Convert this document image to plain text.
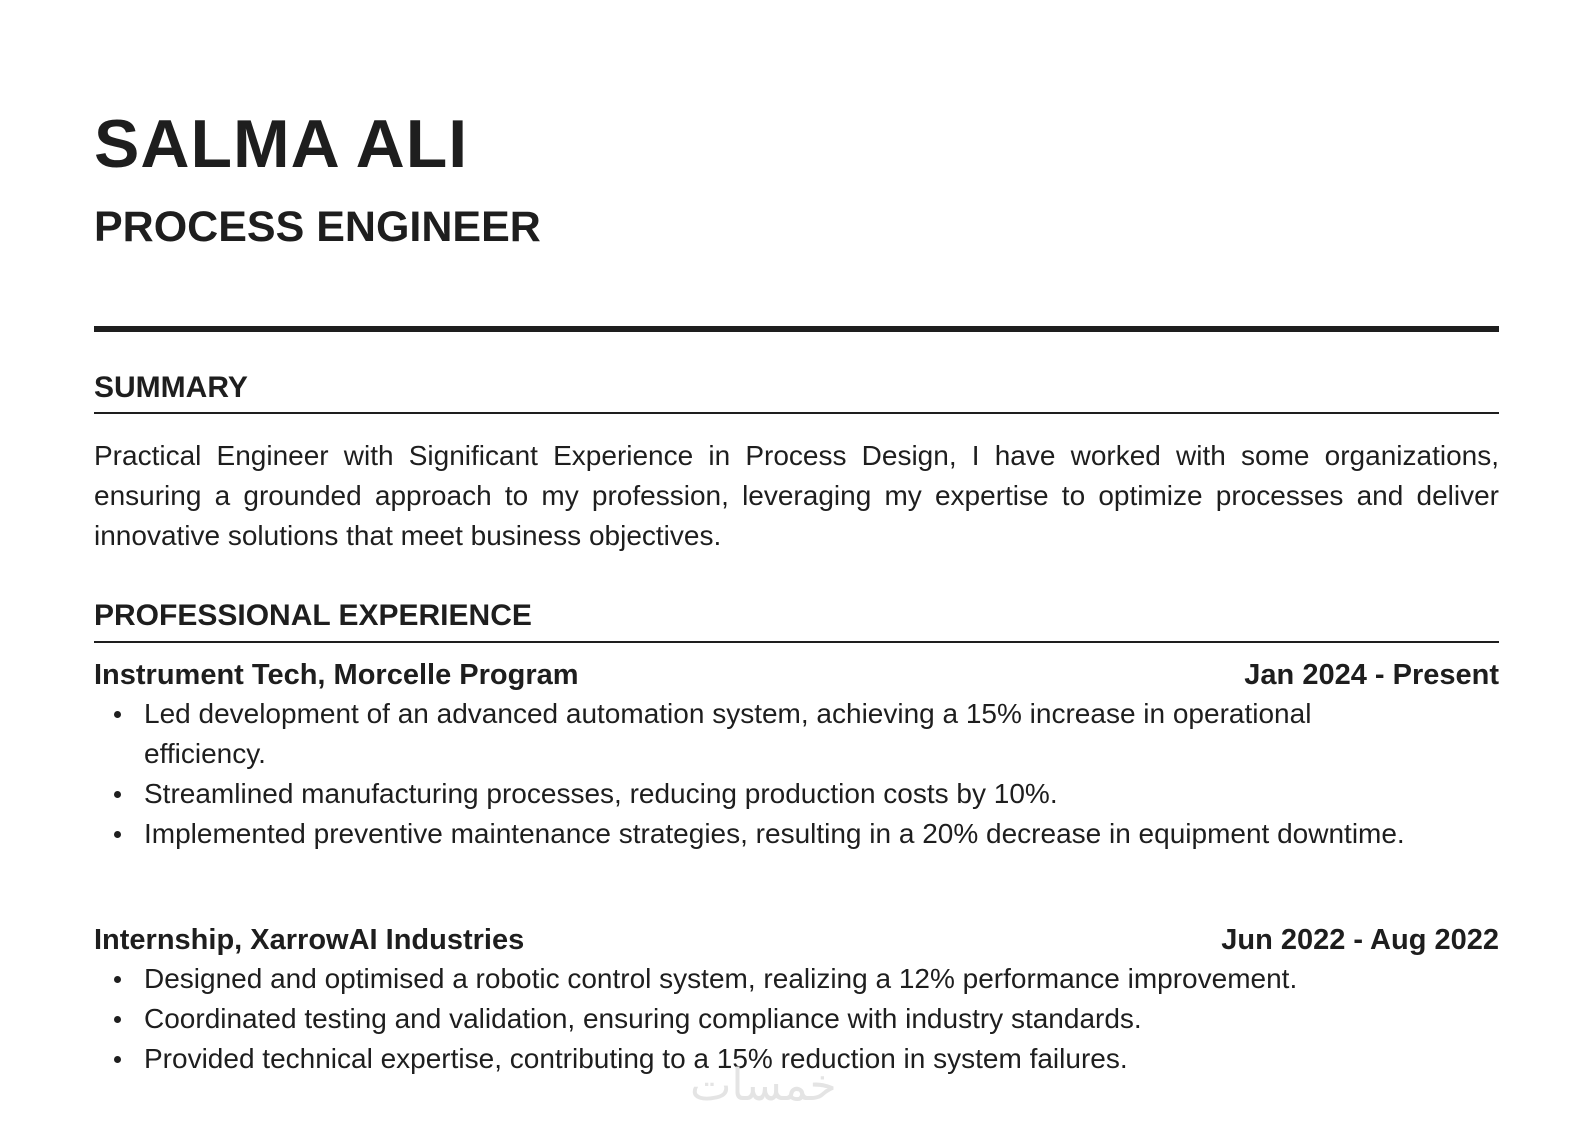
SALMA ALI
PROCESS ENGINEER
SUMMARY

Practical Engineer with Significant Experience in Process Design, I have worked with some organizations, ensuring a grounded approach to my profession, leveraging my expertise to optimize processes and deliver innovative solutions that meet business objectives.

PROFESSIONAL EXPERIENCE
Instrument Tech, Morcelle Program	Jan 2024 - Present
Led development of an advanced automation system, achieving a 15% increase in operational efficiency.
Streamlined manufacturing processes, reducing production costs by 10%.
Implemented preventive maintenance strategies, resulting in a 20% decrease in equipment downtime.
Internship, XarrowAI Industries	Jun 2022 - Aug 2022
Designed and optimised a robotic control system, realizing a 12% performance improvement.
Coordinated testing and validation, ensuring compliance with industry standards.
Provided technical expertise, contributing to a 15% reduction in system failures.
خمسات
